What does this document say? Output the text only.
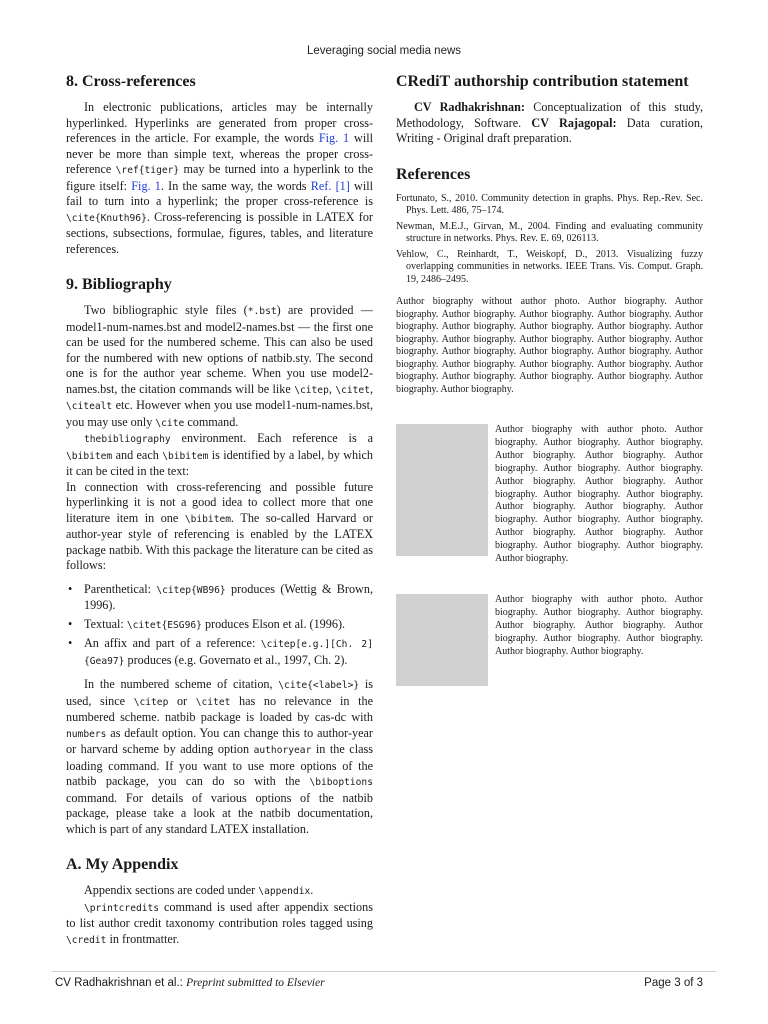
Leveraging social media news
8. Cross-references

In electronic publications, articles may be internally hyperlinked. Hyperlinks are generated from proper cross-references in the article. For example, the words Fig. 1 will never be more than simple text, whereas the proper cross-reference \ref{tiger} may be turned into a hyperlink to the figure itself: Fig. 1. In the same way, the words Ref. [1] will fail to turn into a hyperlink; the proper cross-reference is \cite{Knuth96}. Cross-referencing is possible in LATEX for sections, subsections, formulae, figures, tables, and literature references.

9. Bibliography

Two bibliographic style files (*.bst) are provided — model1-num-names.bst and model2-names.bst — the first one can be used for the numbered scheme. This can also be used for the numbered with new options of natbib.sty. The second one is for the author year scheme. When you use model2-names.bst, the citation commands will be like \citep, \citet, \citealt etc. However when you use model1-num-names.bst, you may use only \cite command.

thebibliography environment. Each reference is a \bibitem and each \bibitem is identified by a label, by which it can be cited in the text:

In connection with cross-referencing and possible future hyperlinking it is not a good idea to collect more that one literature item in one \bibitem. The so-called Harvard or author-year style of referencing is enabled by the LATEX package natbib. With this package the literature can be cited as follows:

• Parenthetical: \citep{WB96} produces (Wettig & Brown, 1996).
• Textual: \citet{ESG96} produces Elson et al. (1996).
• An affix and part of a reference: \citep[e.g.][Ch. 2]{Gea97} produces (e.g. Governato et al., 1997, Ch. 2).

In the numbered scheme of citation, \cite{<label>} is used, since \citep or \citet has no relevance in the numbered scheme. natbib package is loaded by cas-dc with numbers as default option. You can change this to author-year or harvard scheme by adding option authoryear in the class loading command. If you want to use more options of the natbib package, you can do so with the \biboptions command. For details of various options of the natbib package, please take a look at the natbib documentation, which is part of any standard LATEX installation.

A. My Appendix

Appendix sections are coded under \appendix.

\printcredits command is used after appendix sections to list author credit taxonomy contribution roles tagged using \credit in frontmatter.

CRediT authorship contribution statement

CV Radhakrishnan: Conceptualization of this study, Methodology, Software. CV Rajagopal: Data curation, Writing - Original draft preparation.

References
Fortunato, S., 2010. Community detection in graphs. Phys. Rep.-Rev. Sec. Phys. Lett. 486, 75–174.
Newman, M.E.J., Girvan, M., 2004. Finding and evaluating community structure in networks. Phys. Rev. E. 69, 026113.
Vehlow, C., Reinhardt, T., Weiskopf, D., 2013. Visualizing fuzzy overlapping communities in networks. IEEE Trans. Vis. Comput. Graph. 19, 2486–2495.
Author biography without author photo. Author biography. Author biography. Author biography. Author biography. Author biography. Author biography. Author biography. Author biography. Author biography. Author biography. Author biography. Author biography. Author biography. Author biography. Author biography. Author biography. Author biography. Author biography. Author biography. Author biography. Author biography. Author biography. Author biography. Author biography. Author biography. Author biography. Author biography.
Author biography with author photo. Author biography. Author biography. Author biography. Author biography. Author biography. Author biography. Author biography. Author biography. Author biography. Author biography. Author biography. Author biography. Author biography. Author biography. Author biography. Author biography. Author biography. Author biography. Author biography. Author biography. Author biography. Author biography. Author biography. Author biography.
Author biography with author photo. Author biography. Author biography. Author biography. Author biography. Author biography. Author biography. Author biography. Author biography. Author biography. Author biography.
CV Radhakrishnan et al.: Preprint submitted to Elsevier	Page 3 of 3
